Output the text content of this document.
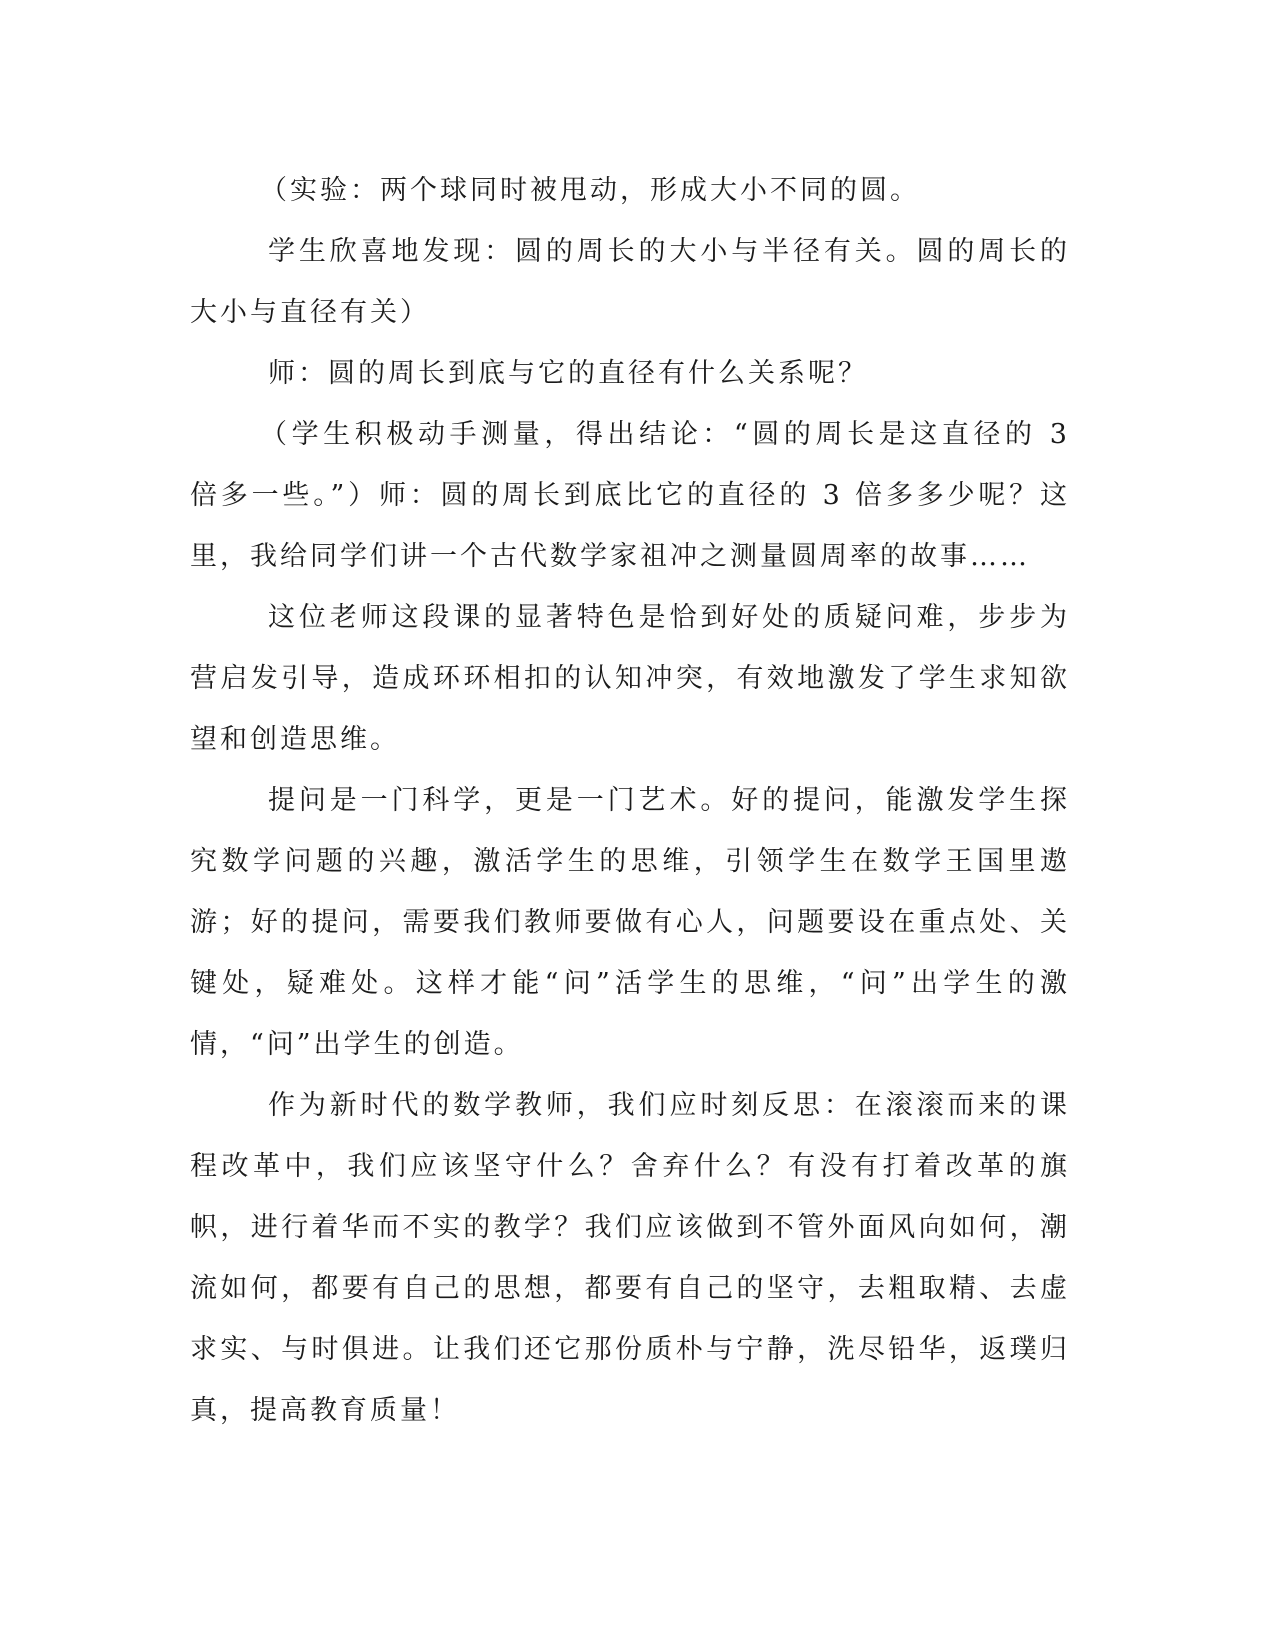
（实验：两个球同时被甩动，形成大小不同的圆。

学生欣喜地发现：圆的周长的大小与半径有关。圆的周长的大小与直径有关）

师：圆的周长到底与它的直径有什么关系呢？

（学生积极动手测量，得出结论：“圆的周长是这直径的 3 倍多一些。”）师：圆的周长到底比它的直径的 3 倍多多少呢？这里，我给同学们讲一个古代数学家祖冲之测量圆周率的故事……

这位老师这段课的显著特色是恰到好处的质疑问难，步步为营启发引导，造成环环相扣的认知冲突，有效地激发了学生求知欲望和创造思维。

提问是一门科学，更是一门艺术。好的提问，能激发学生探究数学问题的兴趣，激活学生的思维，引领学生在数学王国里遨游；好的提问，需要我们教师要做有心人，问题要设在重点处、关键处，疑难处。这样才能“问”活学生的思维，“问”出学生的激情，“问”出学生的创造。

作为新时代的数学教师，我们应时刻反思：在滚滚而来的课程改革中，我们应该坚守什么？舍弃什么？有没有打着改革的旗帜，进行着华而不实的教学？我们应该做到不管外面风向如何，潮流如何，都要有自己的思想，都要有自己的坚守，去粗取精、去虚求实、与时俱进。让我们还它那份质朴与宁静，洗尽铅华，返璞归真，提高教育质量！
